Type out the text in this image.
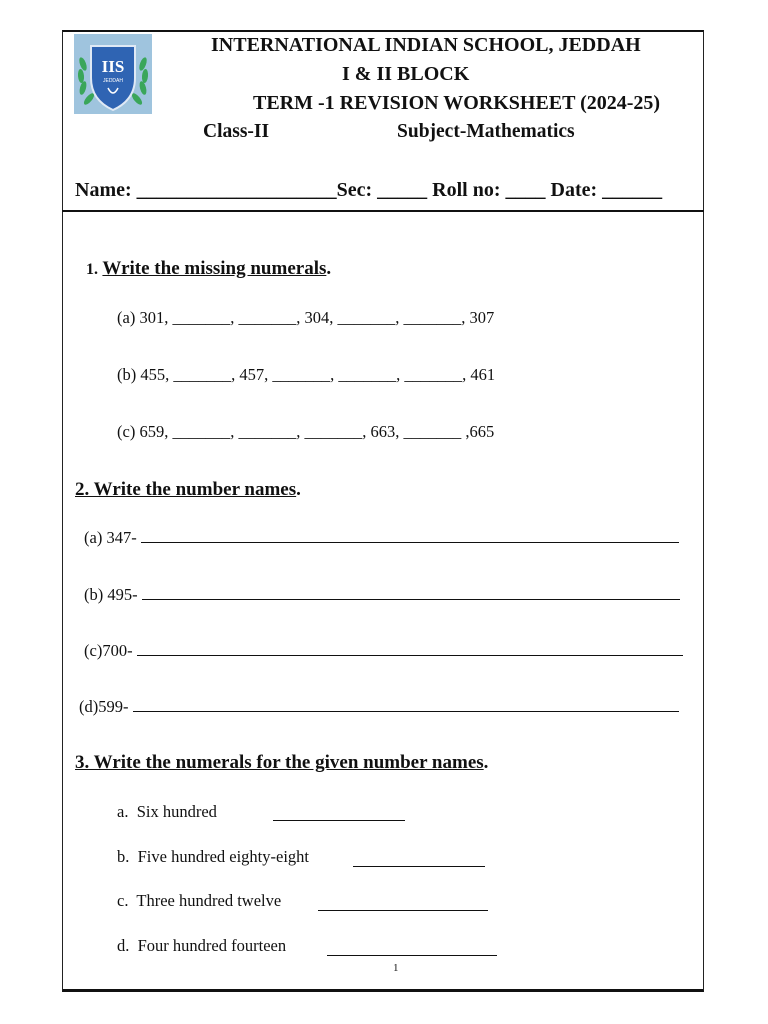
IIS
JEDDAH
INTERNATIONAL INDIAN SCHOOL, JEDDAH
I & II BLOCK
TERM -1 REVISION WORKSHEET (2024-25)
Class-II	Subject-Mathematics
Name: ____________________Sec: _____ Roll no: ____ Date: ______
1. Write the missing numerals.
(a) 301, _______, _______, 304, _______, _______, 307
(b) 455, _______, 457, _______, _______, _______, 461
(c) 659, _______, _______, _______, 663, _______ ,665
2. Write the number names.
(a) 347-
(b) 495-
(c)700-
(d)599-
3. Write the numerals for the given number names.
a. Six hundred
b. Five hundred eighty-eight
c. Three hundred twelve
d. Four hundred fourteen
1
